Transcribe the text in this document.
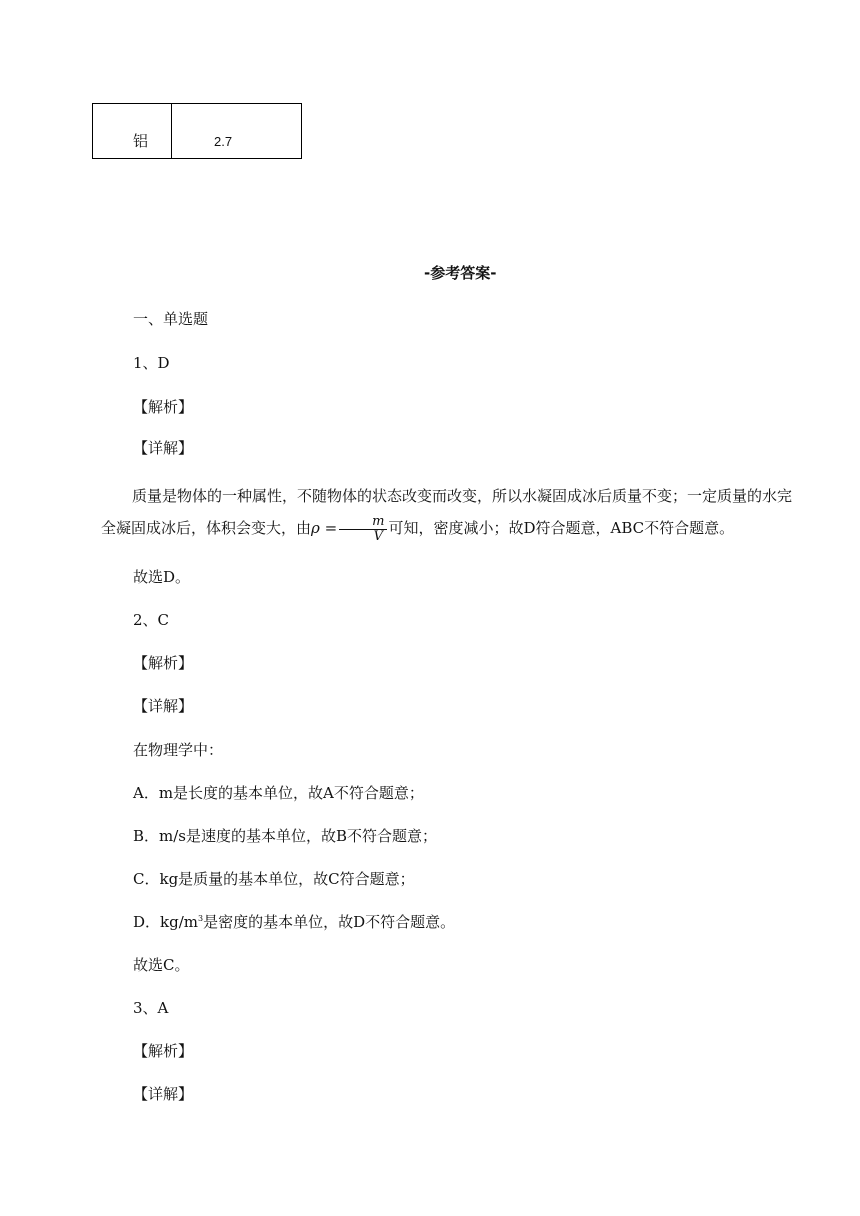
铝	2.7
-参考答案-
一、单选题
1、D
【解析】
【详解】
质量是物体的一种属性，不随物体的状态改变而改变，所以水凝固成冰后质量不变；一定质量的水完全凝固成冰后，体积会变大，由$\rho = \frac{m}{V}$ 可知，密度减小；故D符合题意，ABC不符合题意。
故选D。
2、C
【解析】
【详解】
在物理学中：
A．m是长度的基本单位，故A不符合题意；
B．m/s是速度的基本单位，故B不符合题意；
C．kg是质量的基本单位，故C符合题意；
D．$kg/m^3$是密度的基本单位，故D不符合题意。
故选C。
3、A
【解析】
【详解】
